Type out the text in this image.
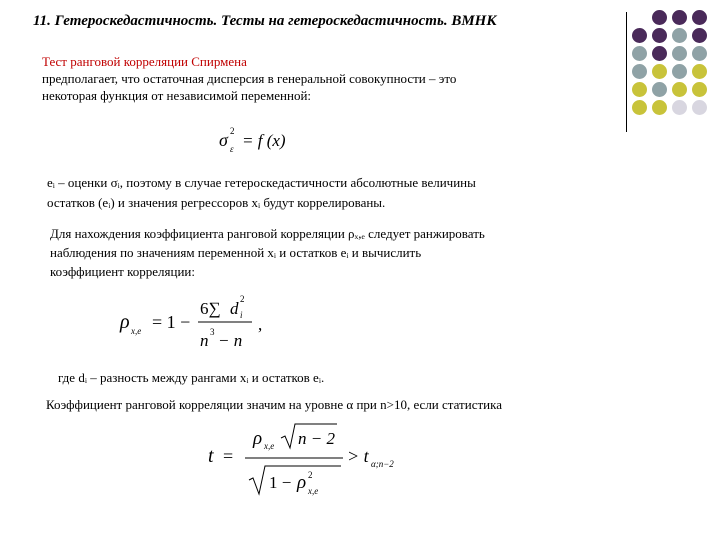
11. Гетероскедастичность. Тесты на гетероскедастичность. ВМНК
Тест ранговой корреляции Спирмена
предполагает, что остаточная дисперсия в генеральной совокупности – это
некоторая функция от независимой переменной:
σ 2
ε = f (x)
eᵢ – оценки σᵢ, поэтому в случае гетероскедастичности абсолютные величины
остатков (eᵢ) и значения регрессоров xᵢ будут коррелированы.
Для нахождения коэффициента ранговой корреляции ρₓ,ₑ следует ранжировать
наблюдения по значениям переменной xᵢ и остатков eᵢ и вычислить
коэффициент корреляции:
ρ x,e = 1 −
6∑ d 2
i
n 3 − n
,
где dᵢ – разность между рангами xᵢ и остатков eᵢ.
Коэффициент ранговой корреляции значим на уровне α при n>10, если статистика
t =
ρ x,e n − 2
1 − ρ 2
x,e
> t α;n−2
